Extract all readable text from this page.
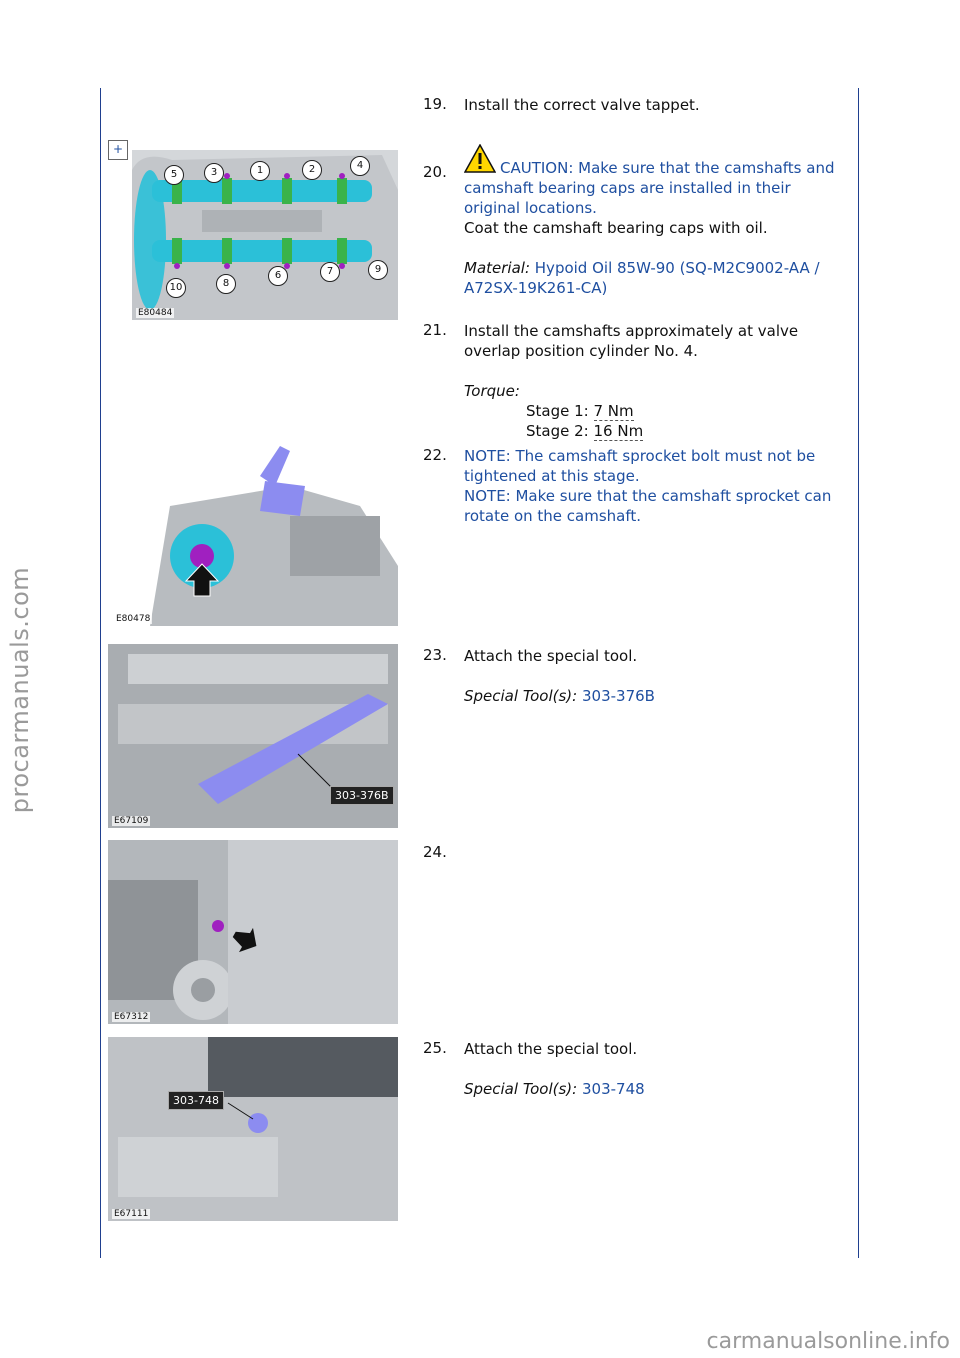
procarmanuals.com
carmanualsonline.info
19. Install the correct valve tappet.
+
5	3	1	2	4
10	8
6	7	9
E80484
20.	CAUTION: Make sure that the camshafts and camshaft bearing caps are installed in their original locations.
Coat the camshaft bearing caps with oil.
Material: Hypoid Oil 85W-90 (SQ-M2C9002-AA / A72SX-19K261-CA)
21. Install the camshafts approximately at valve overlap position cylinder No. 4.
Torque:
Stage 1: 7 Nm
Stage 2: 16 Nm
E80478
22. NOTE: The camshaft sprocket bolt must not be tightened at this stage.
NOTE: Make sure that the camshaft sprocket can rotate on the camshaft.
303-376B
E67109
23. Attach the special tool.
Special Tool(s): 303-376B
E67312
24.
303-748
E67111
25. Attach the special tool.
Special Tool(s): 303-748
